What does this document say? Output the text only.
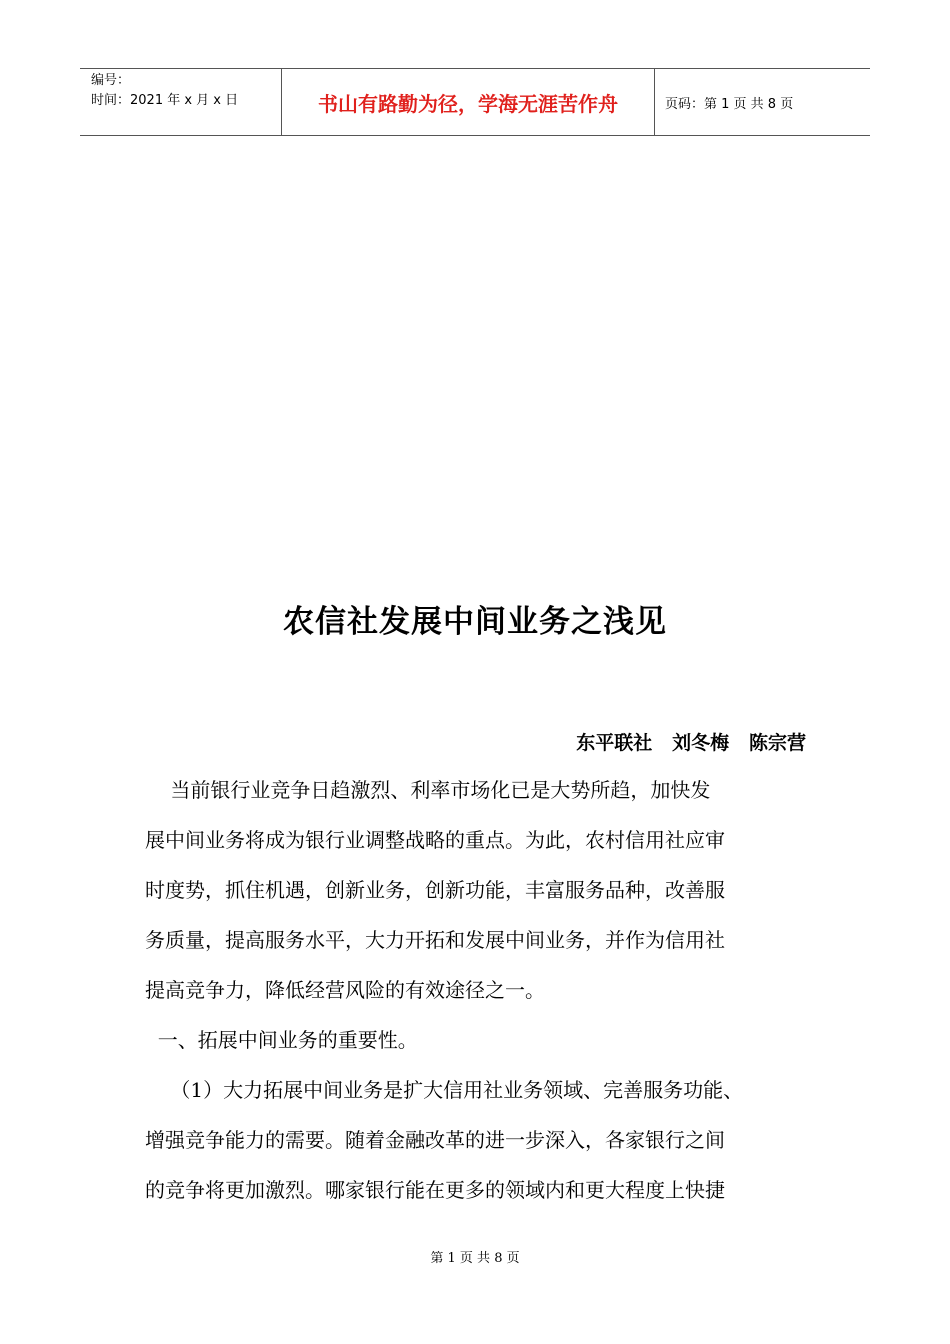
编号：
时间：2021 年 x 月 x 日	书山有路勤为径，学海无涯苦作舟	页码：第 1 页 共 8 页
农信社发展中间业务之浅见
东平联社   刘冬梅   陈宗营
当前银行业竞争日趋激烈、利率市场化已是大势所趋，加快发
展中间业务将成为银行业调整战略的重点。为此，农村信用社应审
时度势，抓住机遇，创新业务，创新功能，丰富服务品种，改善服
务质量，提高服务水平，大力开拓和发展中间业务，并作为信用社
提高竞争力，降低经营风险的有效途径之一。
一、拓展中间业务的重要性。
（1）大力拓展中间业务是扩大信用社业务领域、完善服务功能、
增强竞争能力的需要。随着金融改革的进一步深入，各家银行之间
的竞争将更加激烈。哪家银行能在更多的领域内和更大程度上快捷
第 1 页 共 8 页
